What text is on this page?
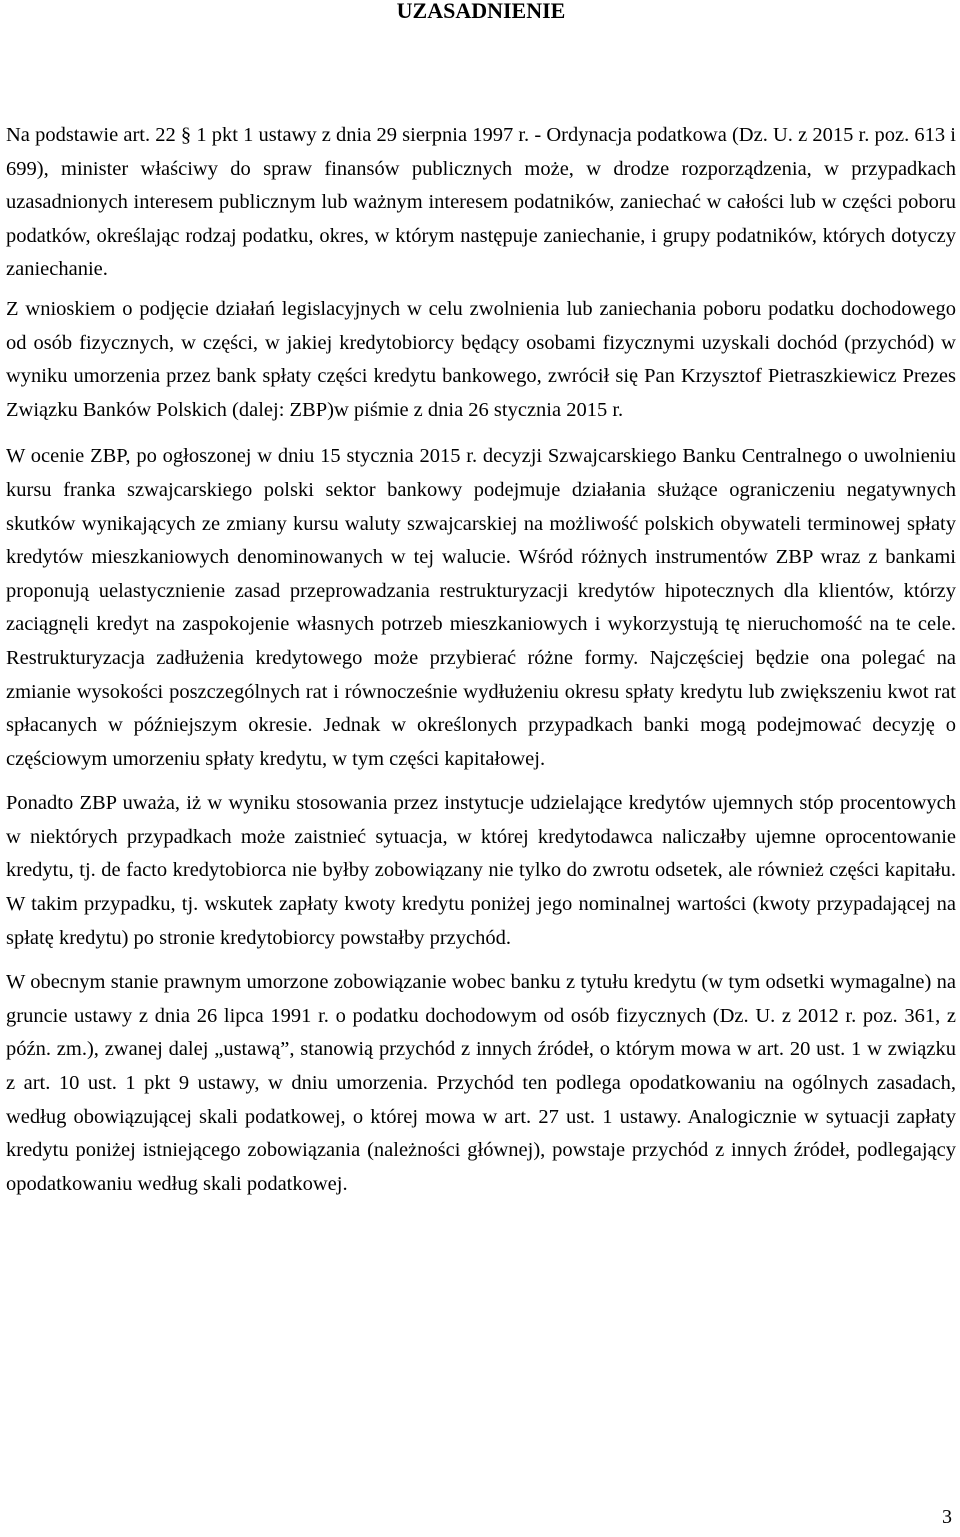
UZASADNIENIE

Na podstawie art. 22 § 1 pkt 1 ustawy z dnia 29 sierpnia 1997 r. - Ordynacja podatkowa (Dz. U. z 2015 r. poz. 613 i 699), minister właściwy do spraw finansów publicznych może, w drodze rozporządzenia, w przypadkach uzasadnionych interesem publicznym lub ważnym interesem podatników, zaniechać w całości lub w części poboru podatków, określając rodzaj podatku, okres, w którym następuje zaniechanie, i grupy podatników, których dotyczy zaniechanie.

Z wnioskiem o podjęcie działań legislacyjnych w celu zwolnienia lub zaniechania poboru podatku dochodowego od osób fizycznych, w części, w jakiej kredytobiorcy będący osobami fizycznymi uzyskali dochód (przychód) w wyniku umorzenia przez bank spłaty części kredytu bankowego, zwrócił się Pan Krzysztof Pietraszkiewicz Prezes Związku Banków Polskich (dalej: ZBP)w piśmie z dnia 26 stycznia 2015 r.

W ocenie ZBP, po ogłoszonej w dniu 15 stycznia 2015 r. decyzji Szwajcarskiego Banku Centralnego o uwolnieniu kursu franka szwajcarskiego polski sektor bankowy podejmuje działania służące ograniczeniu negatywnych skutków wynikających ze zmiany kursu waluty szwajcarskiej na możliwość polskich obywateli terminowej spłaty kredytów mieszkaniowych denominowanych w tej walucie. Wśród różnych instrumentów ZBP wraz z bankami proponują uelastycznienie zasad przeprowadzania restrukturyzacji kredytów hipotecznych dla klientów, którzy zaciągnęli kredyt na zaspokojenie własnych potrzeb mieszkaniowych i wykorzystują tę nieruchomość na te cele. Restrukturyzacja zadłużenia kredytowego może przybierać różne formy. Najczęściej będzie ona polegać na zmianie wysokości poszczególnych rat i równocześnie wydłużeniu okresu spłaty kredytu lub zwiększeniu kwot rat spłacanych w późniejszym okresie. Jednak w określonych przypadkach banki mogą podejmować decyzję o częściowym umorzeniu spłaty kredytu, w tym części kapitałowej.

Ponadto ZBP uważa, iż w wyniku stosowania przez instytucje udzielające kredytów ujemnych stóp procentowych w niektórych przypadkach może zaistnieć sytuacja, w której kredytodawca naliczałby ujemne oprocentowanie kredytu, tj. de facto kredytobiorca nie byłby zobowiązany nie tylko do zwrotu odsetek, ale również części kapitału. W takim przypadku, tj. wskutek zapłaty kwoty kredytu poniżej jego nominalnej wartości (kwoty przypadającej na spłatę kredytu) po stronie kredytobiorcy powstałby przychód.

W obecnym stanie prawnym umorzone zobowiązanie wobec banku z tytułu kredytu (w tym odsetki wymagalne) na gruncie ustawy z dnia 26 lipca 1991 r. o podatku dochodowym od osób fizycznych (Dz. U. z 2012 r. poz. 361, z późn. zm.), zwanej dalej „ustawą”, stanowią przychód z innych źródeł, o którym mowa w art. 20 ust. 1 w związku z art. 10 ust. 1 pkt 9 ustawy, w dniu umorzenia. Przychód ten podlega opodatkowaniu na ogólnych zasadach, według obowiązującej skali podatkowej, o której mowa w art. 27 ust. 1 ustawy. Analogicznie w sytuacji zapłaty kredytu poniżej istniejącego zobowiązania (należności głównej), powstaje przychód z innych źródeł, podlegający opodatkowaniu według skali podatkowej.

3
